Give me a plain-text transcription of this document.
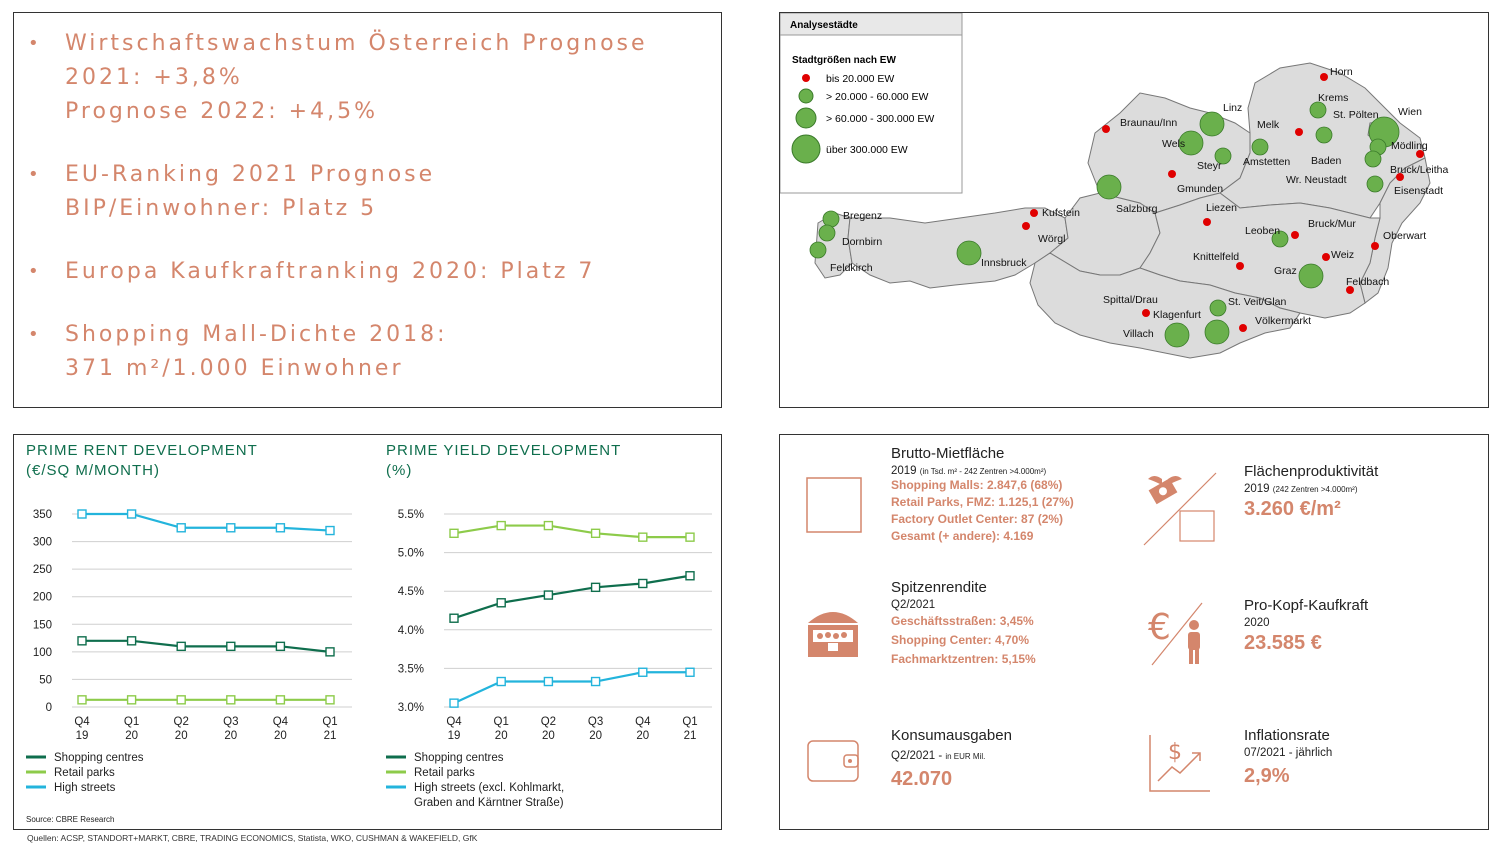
• Wirtschaftswachstum Österreich Prognose
2021: +3,8%
Prognose 2022: +4,5%
• EU-Ranking 2021 Prognose
BIP/Einwohner: Platz 5
• Europa Kaufkraftranking 2020: Platz 7
• Shopping Mall-Dichte 2018:
371 m²/1.000 Einwohner
Analysestädte
Stadtgrößen nach EW
bis 20.000 EW
> 20.000 - 60.000 EW
> 60.000 - 300.000 EW
über 300.000 EW
Horn
Krems
Linz
Braunau/Inn	Melk
St. Pölten Wien
Wels	Mödling
Steyr Amstetten Baden
Bruck/Leitha
Gmunden
Wr. Neustadt
Eisenstadt
Bregenz	Kufstein	Salzburg	Liezen
Dornbirn	Wörgl
Bruck/Mur
Leoben	Oberwart
Innsbruck
Feldkirch
Knittelfeld	Weiz
Graz
Feldbach
Spittal/Drau	St. Veit/Glan
Klagenfurt	Völkermarkt
Villach
PRIME RENT DEVELOPMENT
(€/SQ M/MONTH)
PRIME YIELD DEVELOPMENT
(%)
0
50
100
150
200
250
300
350
Q4
19
Q1
20
Q2
20
Q3
20
Q4
20
Q1
21
Shopping centres
Retail parks
High streets
3.0%
3.5%
4.0%
4.5%
5.0%
5.5%
Q4
19
Q1
20
Q2
20
Q3
20
Q4
20
Q1
21
Shopping centres
Retail parks
High streets (excl. Kohlmarkt,
Graben and Kärntner Straße)
Source: CBRE Research
€
$
Brutto-Mietfläche
2019 (in Tsd. m² - 242 Zentren >4.000m²)
Shopping Malls: 2.847,6 (68%)
Retail Parks, FMZ: 1.125,1 (27%)
Factory Outlet Center: 87 (2%)
Gesamt (+ andere): 4.169
Flächenproduktivität
2019 (242 Zentren >4.000m²)
3.260 €/m²
Spitzenrendite
Q2/2021
Geschäftsstraßen: 3,45%
Shopping Center: 4,70%
Fachmarktzentren: 5,15%
Pro-Kopf-Kaufkraft
2020
23.585 €
Konsumausgaben
Q2/2021 - in EUR Mil.
42.070
Inflationsrate
07/2021 - jährlich
2,9%
Quellen: ACSP, STANDORT+MARKT, CBRE, TRADING ECONOMICS, Statista, WKO, CUSHMAN & WAKEFIELD, GfK
